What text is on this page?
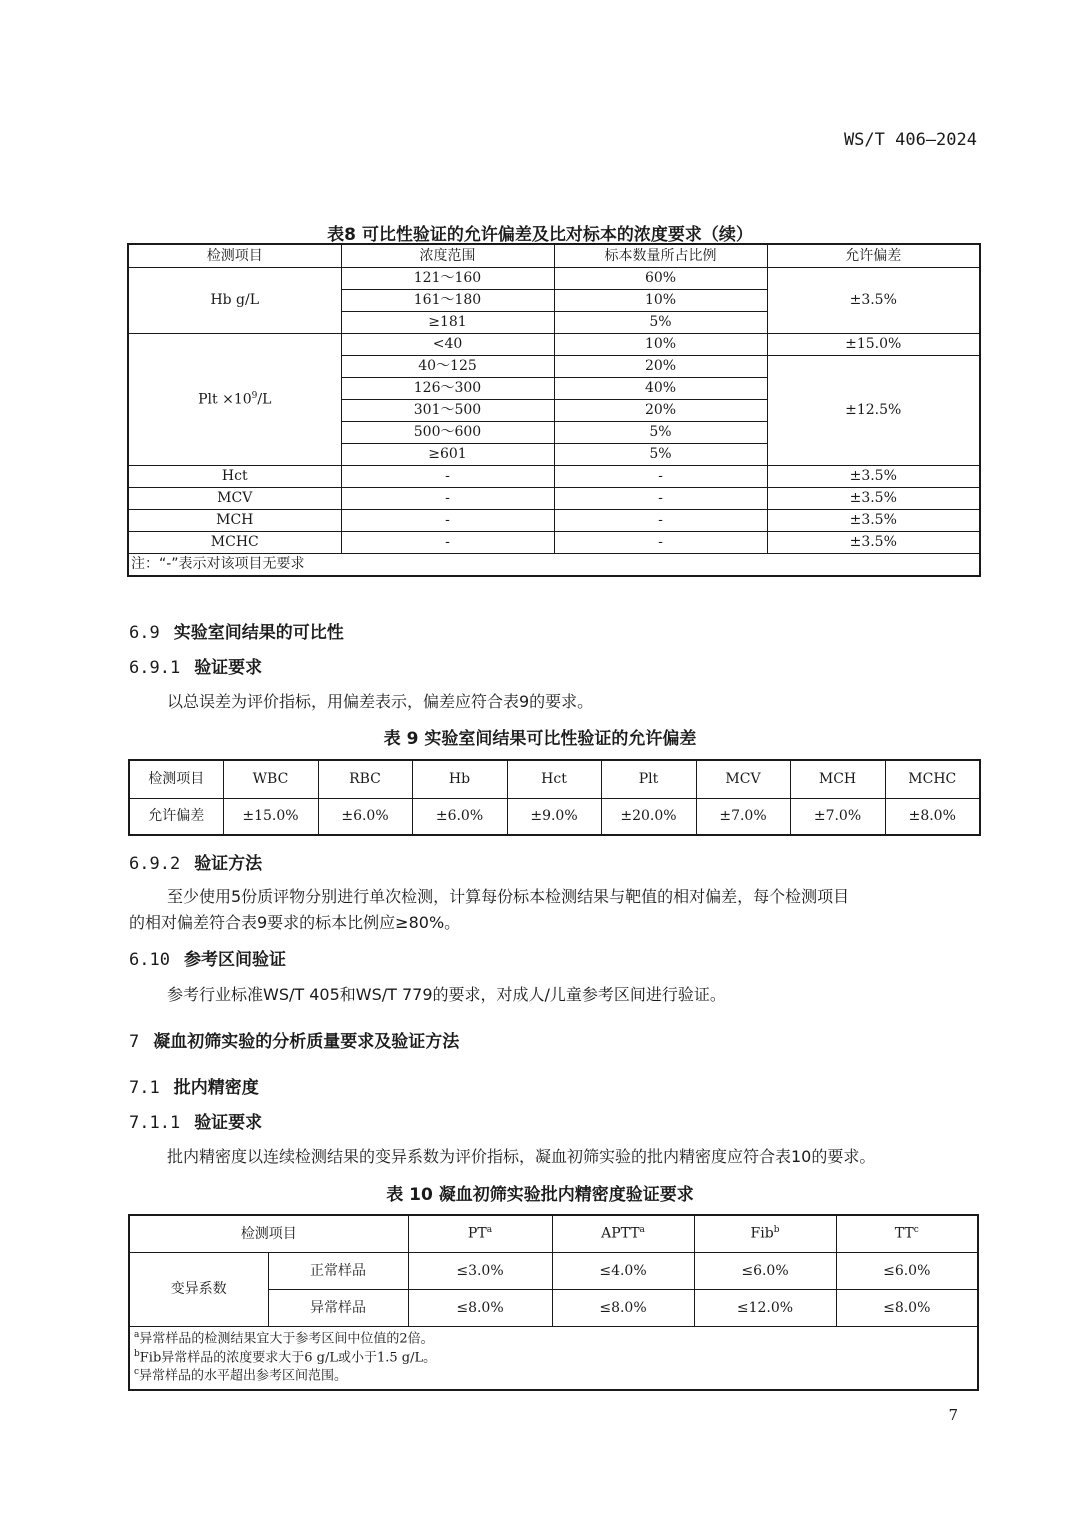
WS/T 406—2024
表8 可比性验证的允许偏差及比对标本的浓度要求（续）
检测项目	浓度范围	标本数量所占比例	允许偏差
Hb g/L	121～160	60%	±3.5%
	161～180	10%	
	≥181	5%	
Plt $\times 10^9/L$	<40	10%	±15.0%
	40～125	20%	±12.5%
	126～300	40%	
	301～500	20%	
	500～600	5%	
	≥601	5%	
Hct	-	-	±3.5%
MCV	-	-	±3.5%
MCH	-	-	±3.5%
MCHC	-	-	±3.5%
注：“-”表示对该项目无要求			
6.9 实验室间结果的可比性
6.9.1 验证要求
以总误差为评价指标，用偏差表示，偏差应符合表9的要求。
表 9 实验室间结果可比性验证的允许偏差
检测项目	WBC	RBC	Hb	Hct	Plt	MCV	MCH	MCHC
允许偏差	±15.0%	±6.0%	±6.0%	±9.0%	±20.0%	±7.0%	±7.0%	±8.0%
6.9.2 验证方法
至少使用5份质评物分别进行单次检测，计算每份标本检测结果与靶值的相对偏差，每个检测项目
的相对偏差符合表9要求的标本比例应≥80%。
6.10 参考区间验证
参考行业标准WS/T 405和WS/T 779的要求，对成人/儿童参考区间进行验证。
7 凝血初筛实验的分析质量要求及验证方法
7.1 批内精密度
7.1.1 验证要求
批内精密度以连续检测结果的变异系数为评价指标，凝血初筛实验的批内精密度应符合表10的要求。
表 10 凝血初筛实验批内精密度验证要求
检测项目		$PT^a$	APTT$^a$	Fib$^b$	$TT^c$
变异系数	正常样品	≤3.0%	≤4.0%	≤6.0%	≤6.0%
	异常样品	≤8.0%	≤8.0%	≤12.0%	≤8.0%

$^a$异常样品的检测结果宜大于参考区间中位值的2倍。
$^b$Fib异常样品的浓度要求大于6 g/L或小于1.5 g/L。
$^c$异常样品的水平超出参考区间范围。					
7
